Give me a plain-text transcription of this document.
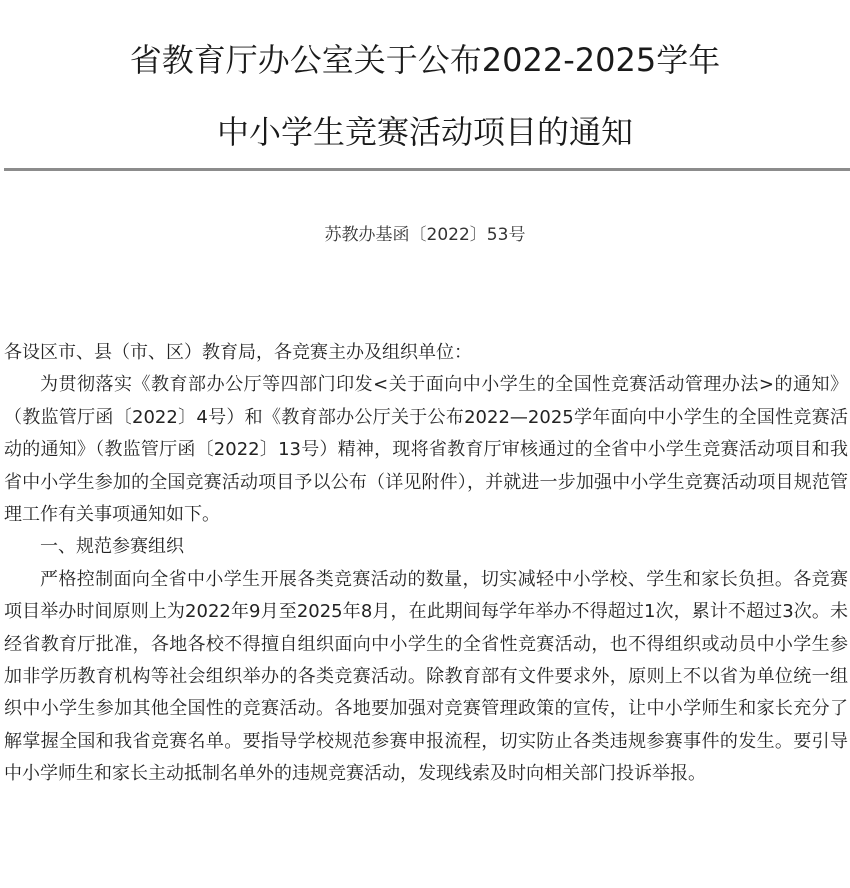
省教育厅办公室关于公布2022-2025学年
中小学生竞赛活动项目的通知
苏教办基函〔2022〕53号

各设区市、县（市、区）教育局，各竞赛主办及组织单位：

为贯彻落实《教育部办公厅等四部门印发<关于面向中小学生的全国性竞赛活动管理办法>的通知》（教监管厅函〔2022〕4号）和《教育部办公厅关于公布2022—2025学年面向中小学生的全国性竞赛活动的通知》（教监管厅函〔2022〕13号）精神，现将省教育厅审核通过的全省中小学生竞赛活动项目和我省中小学生参加的全国竞赛活动项目予以公布（详见附件），并就进一步加强中小学生竞赛活动项目规范管理工作有关事项通知如下。

一、规范参赛组织

严格控制面向全省中小学生开展各类竞赛活动的数量，切实减轻中小学校、学生和家长负担。各竞赛项目举办时间原则上为2022年9月至2025年8月，在此期间每学年举办不得超过1次，累计不超过3次。未经省教育厅批准，各地各校不得擅自组织面向中小学生的全省性竞赛活动，也不得组织或动员中小学生参加非学历教育机构等社会组织举办的各类竞赛活动。除教育部有文件要求外，原则上不以省为单位统一组织中小学生参加其他全国性的竞赛活动。各地要加强对竞赛管理政策的宣传，让中小学师生和家长充分了解掌握全国和我省竞赛名单。要指导学校规范参赛申报流程，切实防止各类违规参赛事件的发生。要引导中小学师生和家长主动抵制名单外的违规竞赛活动，发现线索及时向相关部门投诉举报。
